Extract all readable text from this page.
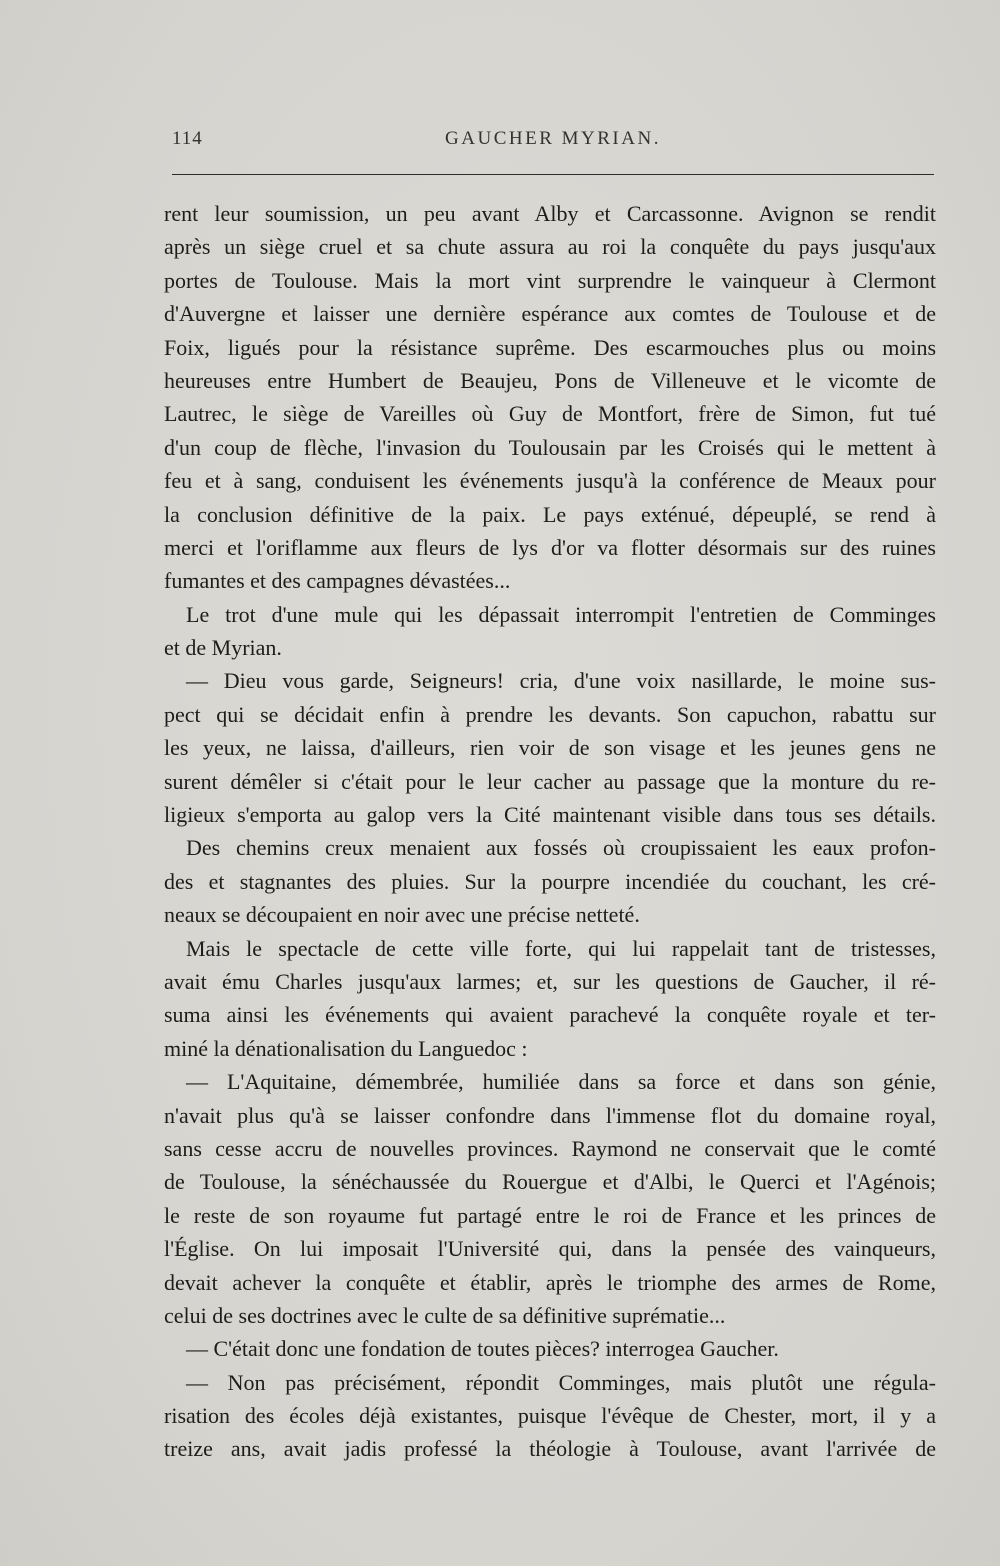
114	GAUCHER MYRIAN.
rent leur soumission, un peu avant Alby et Carcassonne. Avignon se rendit
après un siège cruel et sa chute assura au roi la conquête du pays jusqu'aux
portes de Toulouse. Mais la mort vint surprendre le vainqueur à Clermont
d'Auvergne et laisser une dernière espérance aux comtes de Toulouse et de
Foix, ligués pour la résistance suprême. Des escarmouches plus ou moins
heureuses entre Humbert de Beaujeu, Pons de Villeneuve et le vicomte de
Lautrec, le siège de Vareilles où Guy de Montfort, frère de Simon, fut tué
d'un coup de flèche, l'invasion du Toulousain par les Croisés qui le mettent à
feu et à sang, conduisent les événements jusqu'à la conférence de Meaux pour
la conclusion définitive de la paix. Le pays exténué, dépeuplé, se rend à
merci et l'oriflamme aux fleurs de lys d'or va flotter désormais sur des ruines
fumantes et des campagnes dévastées...
Le trot d'une mule qui les dépassait interrompit l'entretien de Comminges
et de Myrian.
— Dieu vous garde, Seigneurs! cria, d'une voix nasillarde, le moine sus-
pect qui se décidait enfin à prendre les devants. Son capuchon, rabattu sur
les yeux, ne laissa, d'ailleurs, rien voir de son visage et les jeunes gens ne
surent démêler si c'était pour le leur cacher au passage que la monture du re-
ligieux s'emporta au galop vers la Cité maintenant visible dans tous ses détails.
Des chemins creux menaient aux fossés où croupissaient les eaux profon-
des et stagnantes des pluies. Sur la pourpre incendiée du couchant, les cré-
neaux se découpaient en noir avec une précise netteté.
Mais le spectacle de cette ville forte, qui lui rappelait tant de tristesses,
avait ému Charles jusqu'aux larmes; et, sur les questions de Gaucher, il ré-
suma ainsi les événements qui avaient parachevé la conquête royale et ter-
miné la dénationalisation du Languedoc :
— L'Aquitaine, démembrée, humiliée dans sa force et dans son génie,
n'avait plus qu'à se laisser confondre dans l'immense flot du domaine royal,
sans cesse accru de nouvelles provinces. Raymond ne conservait que le comté
de Toulouse, la sénéchaussée du Rouergue et d'Albi, le Querci et l'Agénois;
le reste de son royaume fut partagé entre le roi de France et les princes de
l'Église. On lui imposait l'Université qui, dans la pensée des vainqueurs,
devait achever la conquête et établir, après le triomphe des armes de Rome,
celui de ses doctrines avec le culte de sa définitive suprématie...
— C'était donc une fondation de toutes pièces? interrogea Gaucher.
— Non pas précisément, répondit Comminges, mais plutôt une régula-
risation des écoles déjà existantes, puisque l'évêque de Chester, mort, il y a
treize ans, avait jadis professé la théologie à Toulouse, avant l'arrivée de
